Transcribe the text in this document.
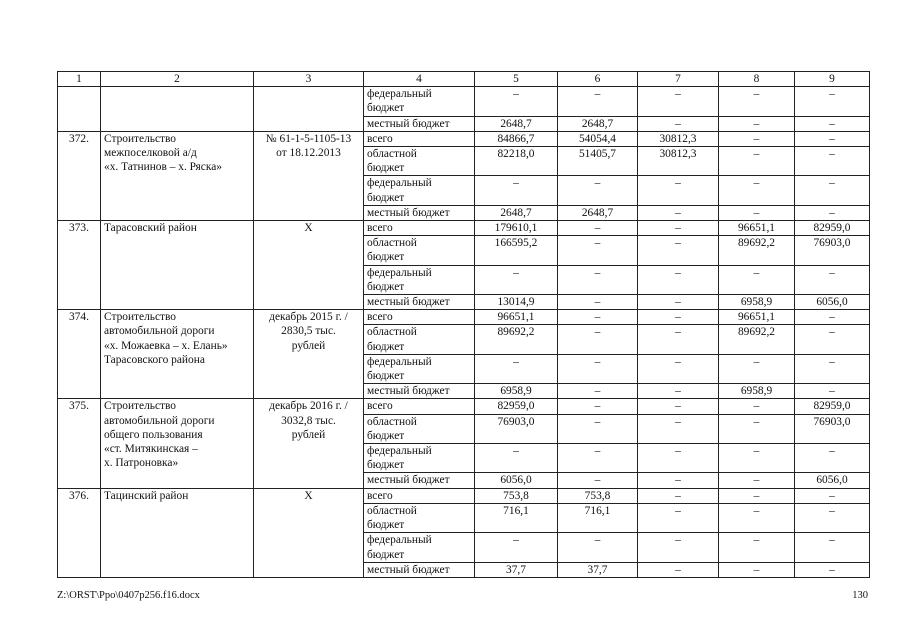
1	2	3	4	5	6	7	8	9
			федеральный
бюджет	–	–	–	–	–
			местный бюджет	2648,7	2648,7	–	–	–
372.	Строительство
межпоселковой а/д
«х. Татнинов – х. Ряска»	№ 61-1-5-1105-13
от 18.12.2013	всего	84866,7	54054,4	30812,3	–	–
			областной
бюджет	82218,0	51405,7	30812,3	–	–
			федеральный
бюджет	–	–	–	–	–
			местный бюджет	2648,7	2648,7	–	–	–
373.	Тарасовский район	Х	всего	179610,1	–	–	96651,1	82959,0
			областной
бюджет	166595,2	–	–	89692,2	76903,0
			федеральный
бюджет	–	–	–	–	–
			местный бюджет	13014,9	–	–	6958,9	6056,0
374.	Строительство
автомобильной дороги
«х. Можаевка – х. Елань»
Тарасовского района	декабрь 2015 г. /
2830,5 тыс.
рублей	всего	96651,1	–	–	96651,1	–
			областной
бюджет	89692,2	–	–	89692,2	–
			федеральный
бюджет	–	–	–	–	–
			местный бюджет	6958,9	–	–	6958,9	–
375.	Строительство
автомобильной дороги
общего пользования
«ст. Митякинская –
х. Патроновка»	декабрь 2016 г. /
3032,8 тыс.
рублей	всего	82959,0	–	–	–	82959,0
			областной
бюджет	76903,0	–	–	–	76903,0
			федеральный
бюджет	–	–	–	–	–
			местный бюджет	6056,0	–	–	–	6056,0
376.	Тацинский район	Х	всего	753,8	753,8	–	–	–
			областной
бюджет	716,1	716,1	–	–	–
			федеральный
бюджет	–	–	–	–	–
			местный бюджет	37,7	37,7	–	–	–
Z:\ORST\Ppo\0407p256.f16.docx	130
